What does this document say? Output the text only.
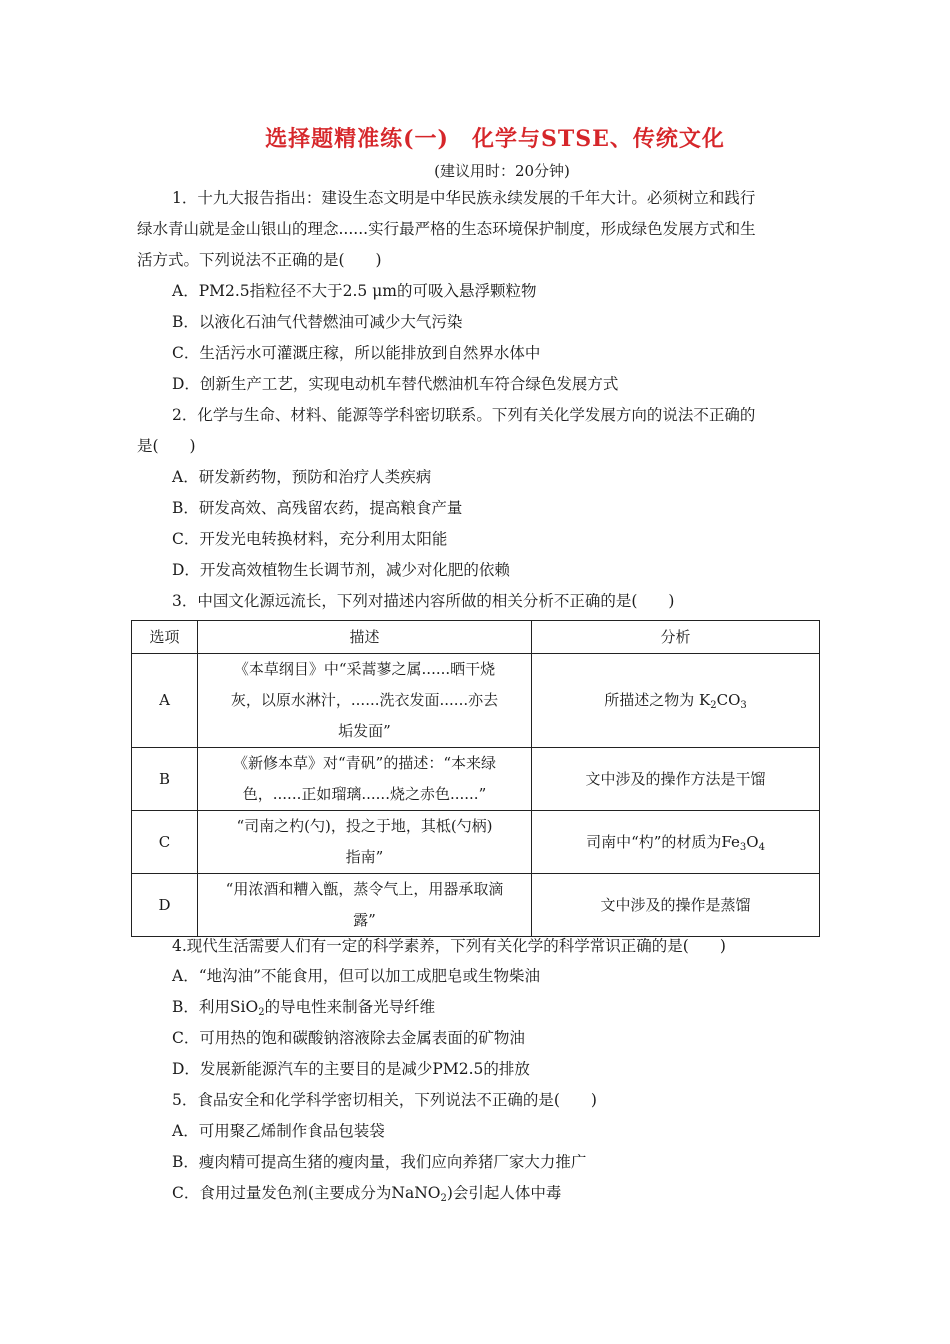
选择题精准练(一)　化学与STSE、传统文化
(建议用时：20分钟)
1．十九大报告指出：建设生态文明是中华民族永续发展的千年大计。必须树立和践行
绿水青山就是金山银山的理念......实行最严格的生态环境保护制度，形成绿色发展方式和生
活方式。下列说法不正确的是(　　)
A．PM2.5指粒径不大于2.5 μm的可吸入悬浮颗粒物
B．以液化石油气代替燃油可减少大气污染
C．生活污水可灌溉庄稼，所以能排放到自然界水体中
D．创新生产工艺，实现电动机车替代燃油机车符合绿色发展方式
2．化学与生命、材料、能源等学科密切联系。下列有关化学发展方向的说法不正确的
是(　　)
A．研发新药物，预防和治疗人类疾病
B．研发高效、高残留农药，提高粮食产量
C．开发光电转换材料，充分利用太阳能
D．开发高效植物生长调节剂，减少对化肥的依赖
3．中国文化源远流长，下列对描述内容所做的相关分析不正确的是(　　)
选项	描述	分析
A	《本草纲目》中“采蒿蓼之属......晒干烧
灰，以原水淋汁，......洗衣发面......亦去
垢发面”	所描述之物为 $K_2CO_3$
B	《新修本草》对“青矾”的描述：“本来绿
色，......正如瑠璃......烧之赤色......”	文中涉及的操作方法是干馏
C	“司南之杓(勺)，投之于地，其柢(勺柄)
指南”	司南中“杓”的材质为$Fe_3O_4$
D	“用浓酒和糟入甑，蒸令气上，用器承取滴
露”	文中涉及的操作是蒸馏
4.现代生活需要人们有一定的科学素养，下列有关化学的科学常识正确的是(　　)
A．“地沟油”不能食用，但可以加工成肥皂或生物柴油
B．利用SiO$_2$的导电性来制备光导纤维
C．可用热的饱和碳酸钠溶液除去金属表面的矿物油
D．发展新能源汽车的主要目的是减少PM2.5的排放
5．食品安全和化学科学密切相关，下列说法不正确的是(　　)
A．可用聚乙烯制作食品包装袋
B．瘦肉精可提高生猪的瘦肉量，我们应向养猪厂家大力推广
C．食用过量发色剂(主要成分为NaNO$_2$)会引起人体中毒
